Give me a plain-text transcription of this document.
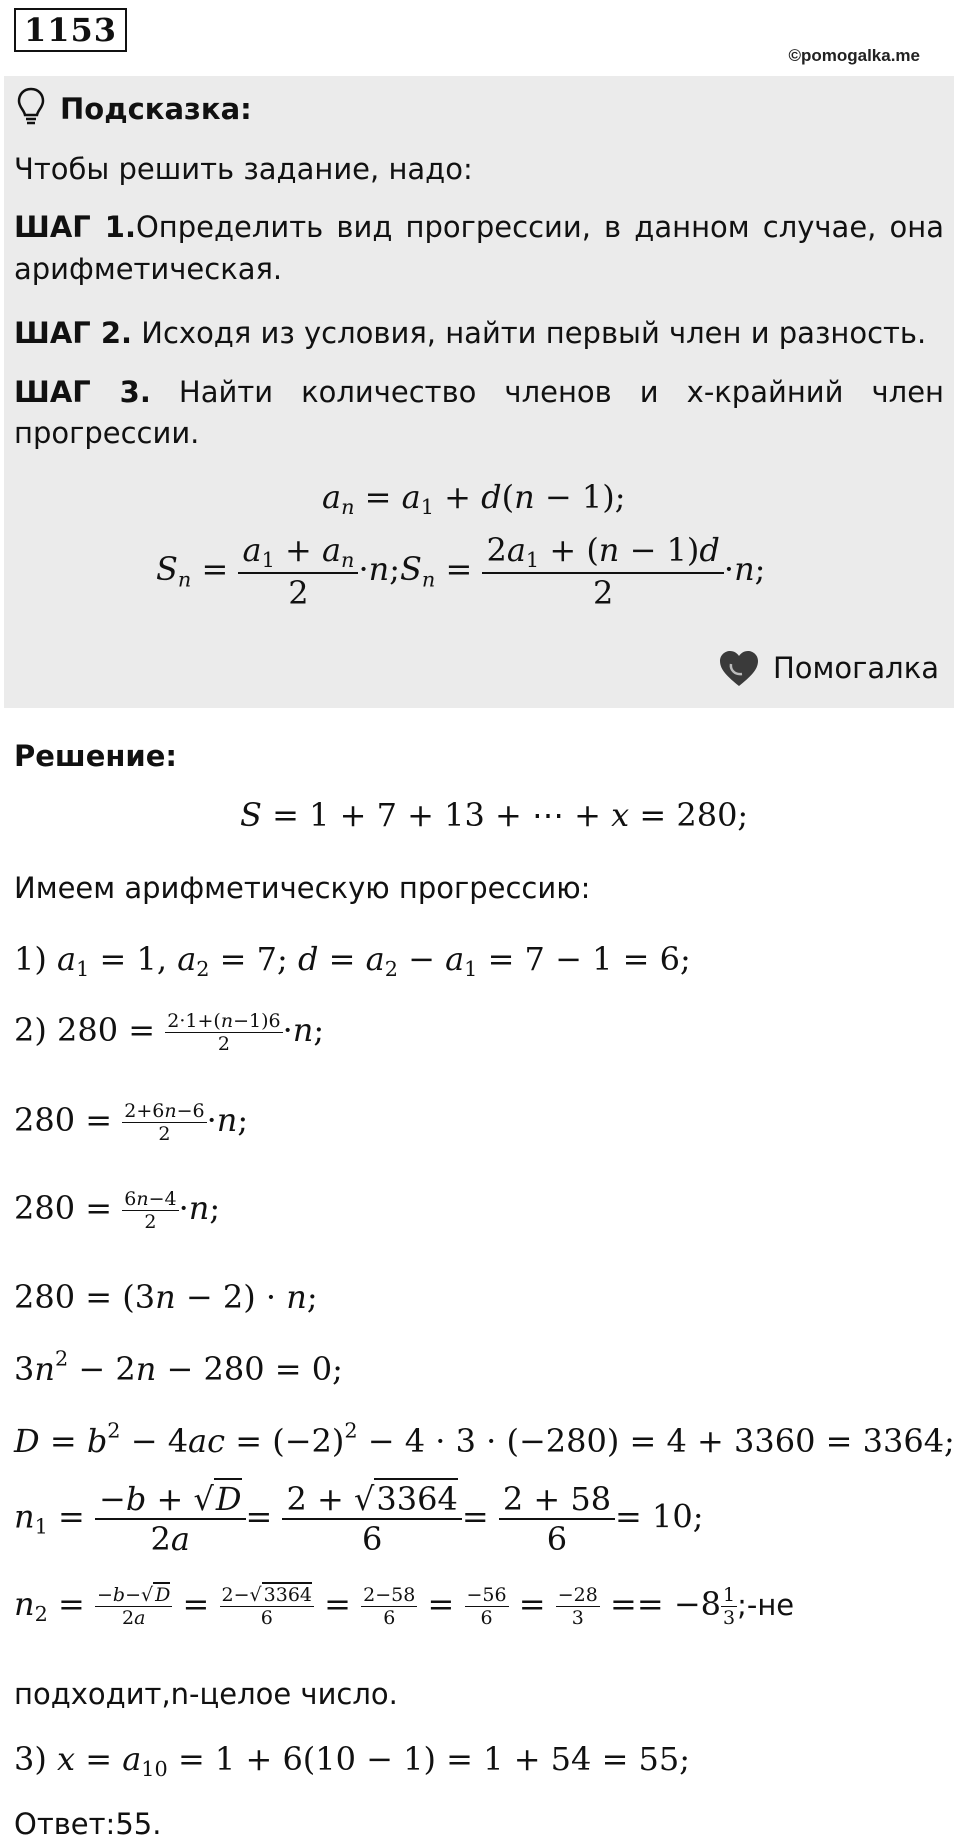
1153
©pomogalka.me
Подсказка:
Чтобы решить задание, надо:
ШАГ 1.Определить вид прогрессии, в данном случае, она
арифметическая.
ШАГ 2. Исходя из условия, найти первый член и разность.
ШАГ 3. Найти количество членов и х-крайний член
прогрессии.
$a_n = a_1 + d(n - 1)$;
$S_n = \frac{a_1 + a_n}{2}$ $\cdot n;S_n = \frac{2a_1 + (n - 1)d}{2} \cdot n$;
Помогалка
Решение:
S = 1 + 7 + 13 + ⋯ + x = 280;
Имеем арифметическую прогрессию:
1) $a_1 = 1$, $a_2 = 7$; $d = a_2 - a_1 = 7 - 1 = 6$;
2) $280 = \frac{2\cdot 1+(n-1)6}{2} \cdot n$;
$280 = \frac{2+6n-6}{2} \cdot n$;
$280 = \frac{6n-4}{2} \cdot n$;
280 = (3n − 2) · n;
$3n^2 - 2n - 280 = 0$;
$D = b^2 - 4ac = (-2)^2 - 4 \cdot 3 \cdot (-280) = 4 + 3360 = 3364$;
$n_1 = \frac{-b + √D}{2a} = \frac{2 + √3364}{6} = \frac{2 + 58}{6} = 10$;
$n_2 = \frac{-b-√ D}{2a} = \frac{2-√ 3364}{6} = \frac{2-58}{6} = \frac{-56}{6} = \frac{-28}{3} == -8 \frac{1}{3}$ ;-не
подходит,n-целое число.
3) $x = a_{10} = 1 + 6(10 - 1) = 1 + 54 = 55$;
Ответ:55.
